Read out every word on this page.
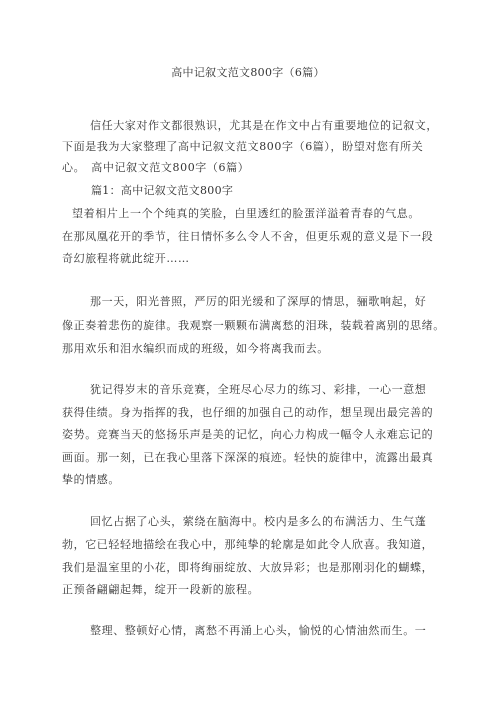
高中记叙文范文800字（6篇）
信任大家对作文都很熟识，尤其是在作文中占有重要地位的记叙文，
下面是我为大家整理了高中记叙文范文800字（6篇），盼望对您有所关
心。　高中记叙文范文800字（6篇）
篇1：高中记叙文范文800字
望着相片上一个个纯真的笑脸，白里透红的脸蛋洋溢着青春的气息。
在那凤凰花开的季节，往日情怀多么令人不舍，但更乐观的意义是下一段
奇幻旅程将就此绽开……
那一天，阳光普照，严厉的阳光缓和了深厚的情思，骊歌响起，好
像正奏着悲伤的旋律。我观察一颗颗布满离愁的泪珠，装载着离别的思绪。
那用欢乐和泪水编织而成的班级，如今将离我而去。
犹记得岁末的音乐竞赛，全班尽心尽力的练习、彩排，一心一意想
获得佳绩。身为指挥的我，也仔细的加强自己的动作，想呈现出最完善的
姿势。竞赛当天的悠扬乐声是美的记忆，向心力构成一幅令人永难忘记的
画面。那一刻，已在我心里落下深深的痕迹。轻快的旋律中，流露出最真
挚的情感。
回忆占据了心头，萦绕在脑海中。校内是多么的布满活力、生气蓬
勃，它已轻轻地描绘在我心中，那纯挚的轮廓是如此令人欣喜。我知道，
我们是温室里的小花，即将绚丽绽放、大放异彩；也是那刚羽化的蝴蝶，
正预备翩翩起舞，绽开一段新的旅程。
整理、整顿好心情，离愁不再涌上心头，愉悦的心情油然而生。一
